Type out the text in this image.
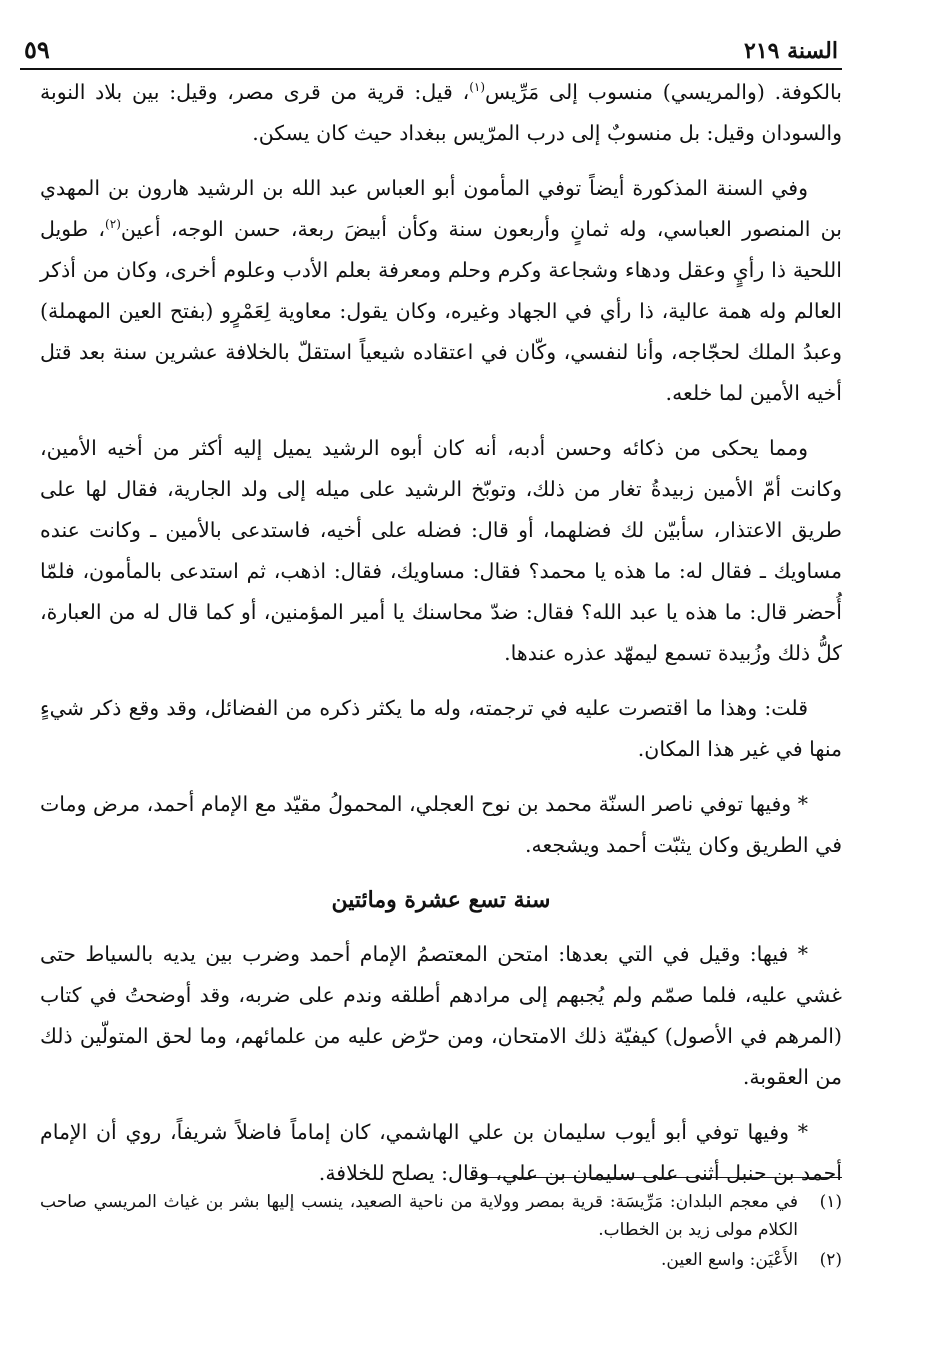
السنة ٢١٩
٥٩

بالكوفة. (والمريسي) منسوب إلى مَرِّيس$^{(١)}$، قيل: قرية من قرى مصر، وقيل: بين بلاد النوبة والسودان وقيل: بل منسوبٌ إلى درب المرّيس ببغداد حيث كان يسكن.

وفي السنة المذكورة أيضاً توفي المأمون أبو العباس عبد الله بن الرشيد هارون بن المهدي بن المنصور العباسي، وله ثمانٍ وأربعون سنة وكأن أبيضَ ربعة، حسن الوجه، أعين$^{(٢)}$، طويل اللحية ذا رأيٍ وعقل ودهاء وشجاعة وكرم وحلم ومعرفة بعلم الأدب وعلوم أخرى، وكان من أذكر العالم وله همة عالية، ذا رأي في الجهاد وغيره، وكان يقول: معاوية لِعَمْرٍو (بفتح العين المهملة) وعبدُ الملك لحجّاجه، وأنا لنفسي، وكّان في اعتقاده شيعياً استقلّ بالخلافة عشرين سنة بعد قتل أخيه الأمين لما خلعه.

ومما يحكى من ذكائه وحسن أدبه، أنه كان أبوه الرشيد يميل إليه أكثر من أخيه الأمين، وكانت أمّ الأمين زبيدةُ تغار من ذلك، وتوبّخ الرشيد على ميله إلى ولد الجارية، فقال لها على طريق الاعتذار، سأبيّن لك فضلهما، أو قال: فضله على أخيه، فاستدعى بالأمين ـ وكانت عنده مساويك ـ فقال له: ما هذه يا محمد؟ فقال: مساويك، فقال: اذهب، ثم استدعى بالمأمون، فلمّا أُحضر قال: ما هذه يا عبد الله؟ فقال: ضدّ محاسنك يا أمير المؤمنين، أو كما قال له من العبارة، كلُّ ذلك وزُبيدة تسمع ليمهّد عذره عندها.

قلت: وهذا ما اقتصرت عليه في ترجمته، وله ما يكثر ذكره من الفضائل، وقد وقع ذكر شيءٍ منها في غير هذا المكان.

* وفيها توفي ناصر السنّة محمد بن نوح العجلي، المحمولُ مقيّد مع الإمام أحمد، مرض ومات في الطريق وكان يثبّت أحمد ويشجعه.

سنة تسع عشرة ومائتين

* فيها: وقيل في التي بعدها: امتحن المعتصمُ الإمام أحمد وضرب بين يديه بالسياط حتى غشي عليه، فلما صمّم ولم يُجبهم إلى مرادهم أطلقه وندم على ضربه، وقد أوضحتُ في كتاب (المرهم في الأصول) كيفيّة ذلك الامتحان، ومن حرّض عليه من علمائهم، وما لحق المتولّين ذلك من العقوبة.

* وفيها توفي أبو أيوب سليمان بن علي الهاشمي، كان إماماً فاضلاً شريفاً، روي أن الإمام أحمد بن حنبل أثنى على سليمان بن علي، وقال: يصلح للخلافة.

(١)
في معجم البلدان: مَرِّيسَة: قرية بمصر وولاية من ناحية الصعيد، ينسب إليها بشر بن غياث المريسي صاحب الكلام مولى زيد بن الخطاب.
(٢)
الأَعْيَن: واسع العين.
